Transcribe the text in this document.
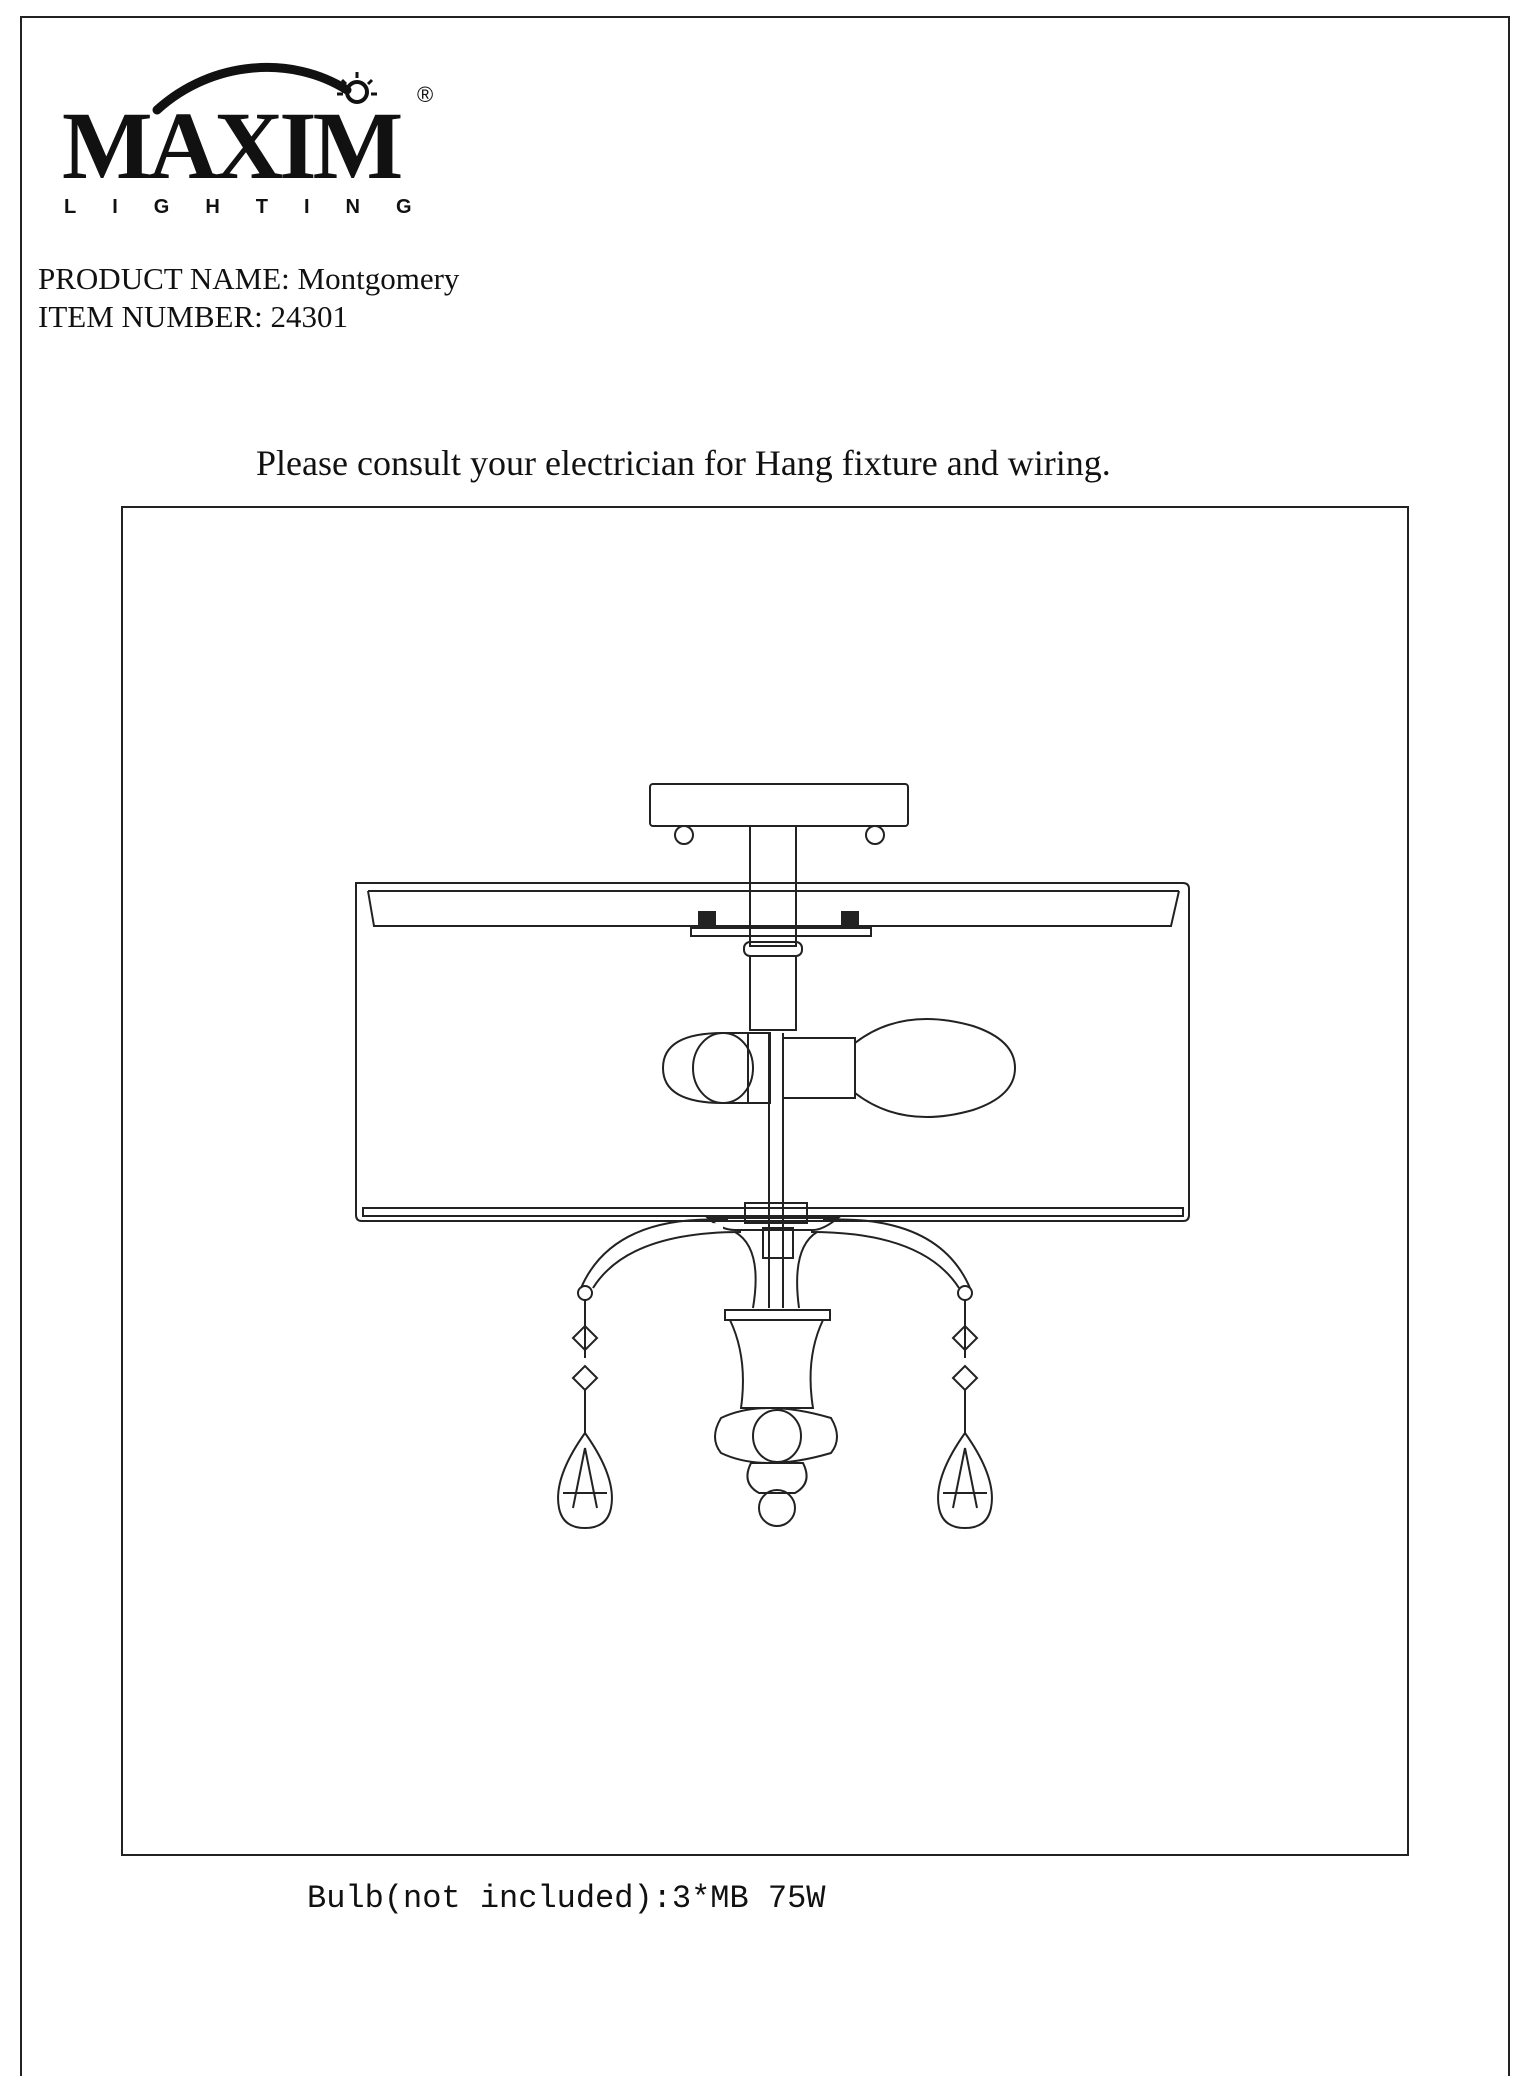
MAXIM ®
LIGHTING
PRODUCT NAME: Montgomery
ITEM NUMBER: 24301
Please consult your electrician for Hang fixture and wiring.
Bulb(not included):3*MB 75W
